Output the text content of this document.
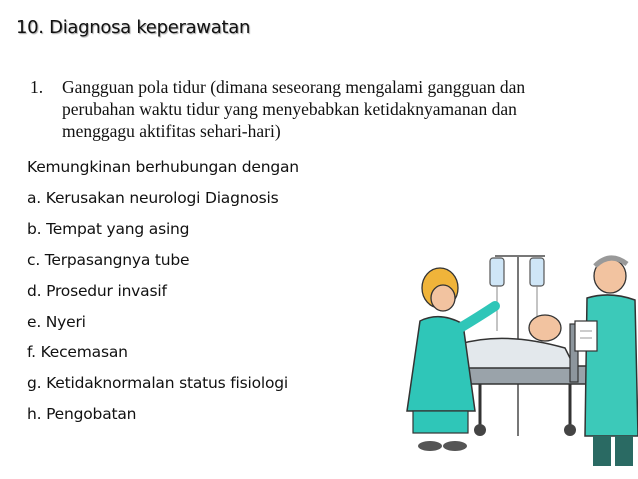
10. Diagnosa keperawatan
1. Gangguan pola tidur (dimana seseorang mengalami gangguan dan perubahan waktu tidur yang menyebabkan ketidaknyamanan dan menggagu aktifitas sehari-hari)
Kemungkinan berhubungan dengan
a. Kerusakan neurologi Diagnosis
b. Tempat yang asing
c. Terpasangnya tube
d. Prosedur invasif
e. Nyeri
f. Kecemasan
g. Ketidaknormalan status fisiologi
h. Pengobatan
